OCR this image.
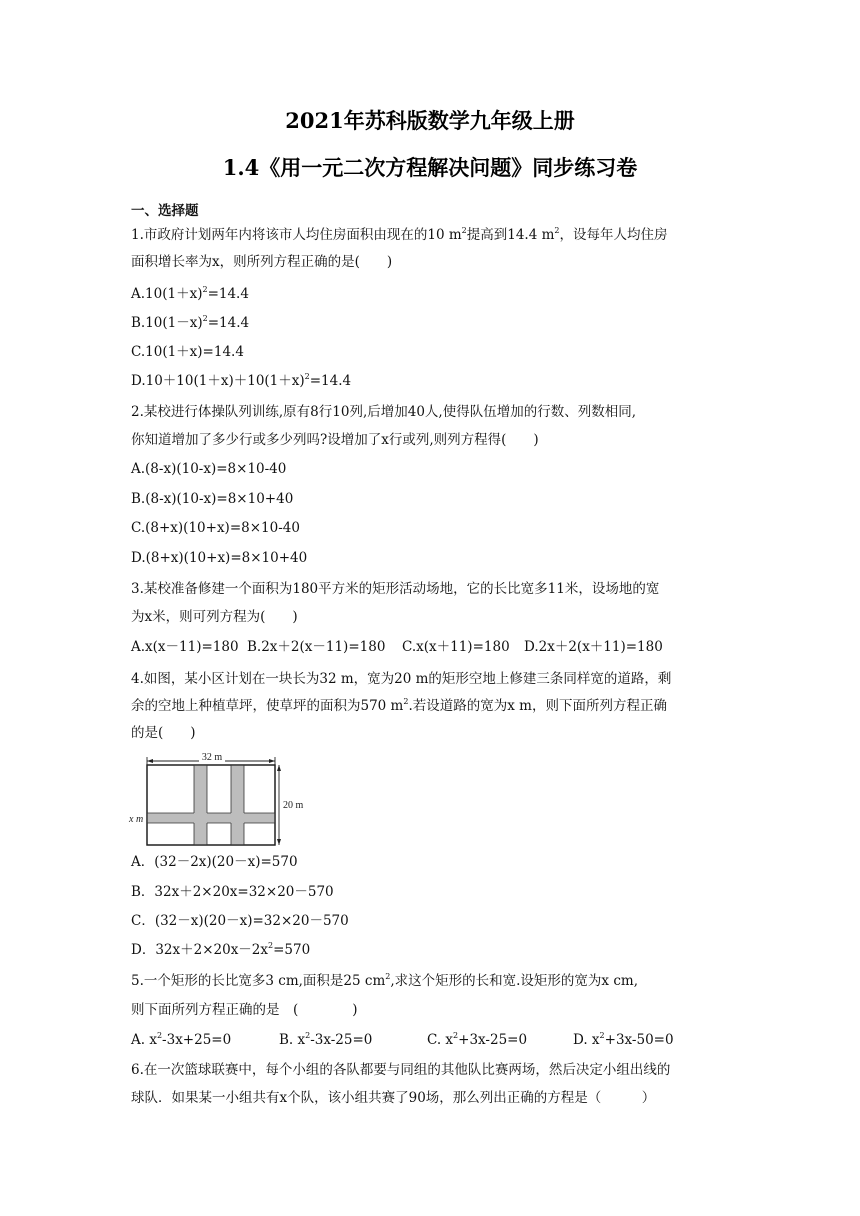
2021年苏科版数学九年级上册
1.4《用一元二次方程解决问题》同步练习卷
一、选择题
1.市政府计划两年内将该市人均住房面积由现在的10 $m^2$提高到14.4 $m^2$，设每年人均住房
面积增长率为x，则所列方程正确的是(　　)
$A.10(1+x)^2=14.4$
$B.10(1-x)^2=14.4$
C.10(1＋x)=14.4
$D.10+10(1+x)+10(1+x)^2=14.4$
2.某校进行体操队列训练,原有8行10列,后增加40人,使得队伍增加的行数、列数相同,
你知道增加了多少行或多少列吗?设增加了x行或列,则列方程得(　　)
A.(8-x)(10-x)=8×10-40
B.(8-x)(10-x)=8×10+40
C.(8+x)(10+x)=8×10-40
D.(8+x)(10+x)=8×10+40
3.某校准备修建一个面积为180平方米的矩形活动场地，它的长比宽多11米，设场地的宽
为x米，则可列方程为(　　)
A.x(x－11)=180 B.2x＋2(x－11)=180 C.x(x＋11)=180 D.2x＋2(x＋11)=180
4.如图，某小区计划在一块长为32 m，宽为20 m的矩形空地上修建三条同样宽的道路，剩
余的空地上种植草坪，使草坪的面积为570 $m^2$.若设道路的宽为x m，则下面所列方程正确
的是(　　)
32 m
20 m
x m
A．(32－2x)(20－x)=570
B．32x＋2×20x=32×20－570
C．(32－x)(20－x)=32×20－570
D．$32x+2\times 20x-2x^2=570$
5.一个矩形的长比宽多3 cm,面积是25 $cm^2$,求这个矩形的长和宽.设矩形的宽为x cm,
则下面所列方程正确的是　(　　　　)
A. $x^2-3x+25=0$	B. $x^2-3x-25=0$	C. $x^2+3x-25=0$	D. $x^2+3x-50=0$
6.在一次篮球联赛中，每个小组的各队都要与同组的其他队比赛两场，然后决定小组出线的
球队．如果某一小组共有x个队，该小组共赛了90场，那么列出正确的方程是（　　　）
